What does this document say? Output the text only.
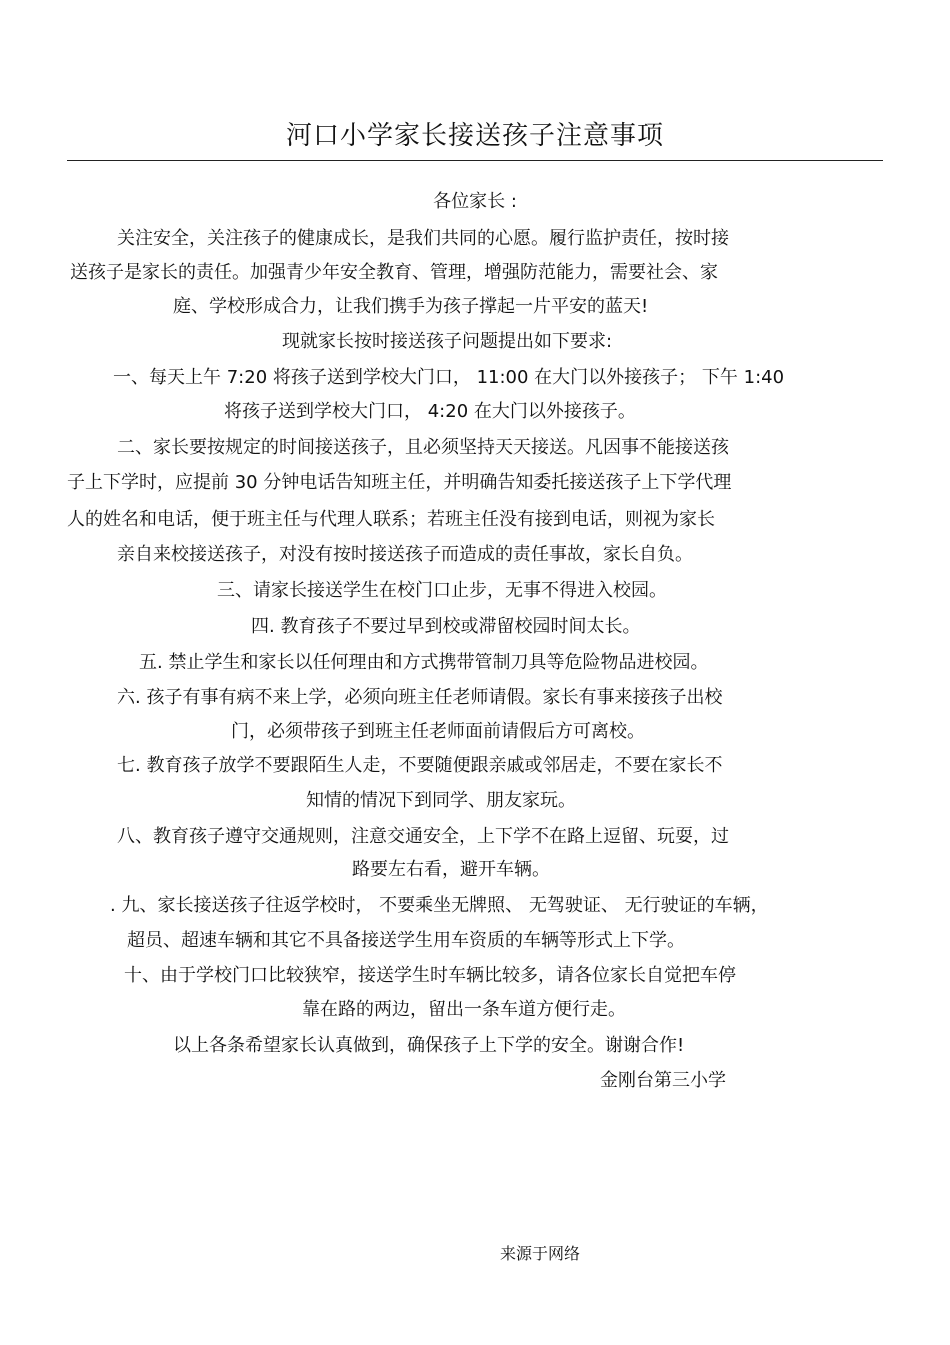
河口小学家长接送孩子注意事项
各位家长 :
关注安全，关注孩子的健康成长，是我们共同的心愿。履行监护责任，按时接
送孩子是家长的责任。加强青少年安全教育、管理，增强防范能力，需要社会、家
庭、学校形成合力，让我们携手为孩子撑起一片平安的蓝天!
现就家长按时接送孩子问题提出如下要求:
一、每天上午 7:20 将孩子送到学校大门口， 11:00 在大门以外接孩子； 下午 1:40
将孩子送到学校大门口， 4:20 在大门以外接孩子。
二、家长要按规定的时间接送孩子，且必须坚持天天接送。凡因事不能接送孩
子上下学时，应提前 30 分钟电话告知班主任，并明确告知委托接送孩子上下学代理
人的姓名和电话，便于班主任与代理人联系；若班主任没有接到电话，则视为家长
亲自来校接送孩子，对没有按时接送孩子而造成的责任事故，家长自负。
三、请家长接送学生在校门口止步，无事不得进入校园。
四. 教育孩子不要过早到校或滞留校园时间太长。
五. 禁止学生和家长以任何理由和方式携带管制刀具等危险物品进校园。
六. 孩子有事有病不来上学，必须向班主任老师请假。家长有事来接孩子出校
门，必须带孩子到班主任老师面前请假后方可离校。
七. 教育孩子放学不要跟陌生人走，不要随便跟亲戚或邻居走，不要在家长不
知情的情况下到同学、朋友家玩。
八、教育孩子遵守交通规则，注意交通安全，上下学不在路上逗留、玩耍，过
路要左右看，避开车辆。
. 九、家长接送孩子往返学校时， 不要乘坐无牌照、 无驾驶证、 无行驶证的车辆，
超员、超速车辆和其它不具备接送学生用车资质的车辆等形式上下学。
十、由于学校门口比较狭窄，接送学生时车辆比较多，请各位家长自觉把车停
靠在路的两边，留出一条车道方便行走。
以上各条希望家长认真做到，确保孩子上下学的安全。谢谢合作!
金刚台第三小学
来源于网络
